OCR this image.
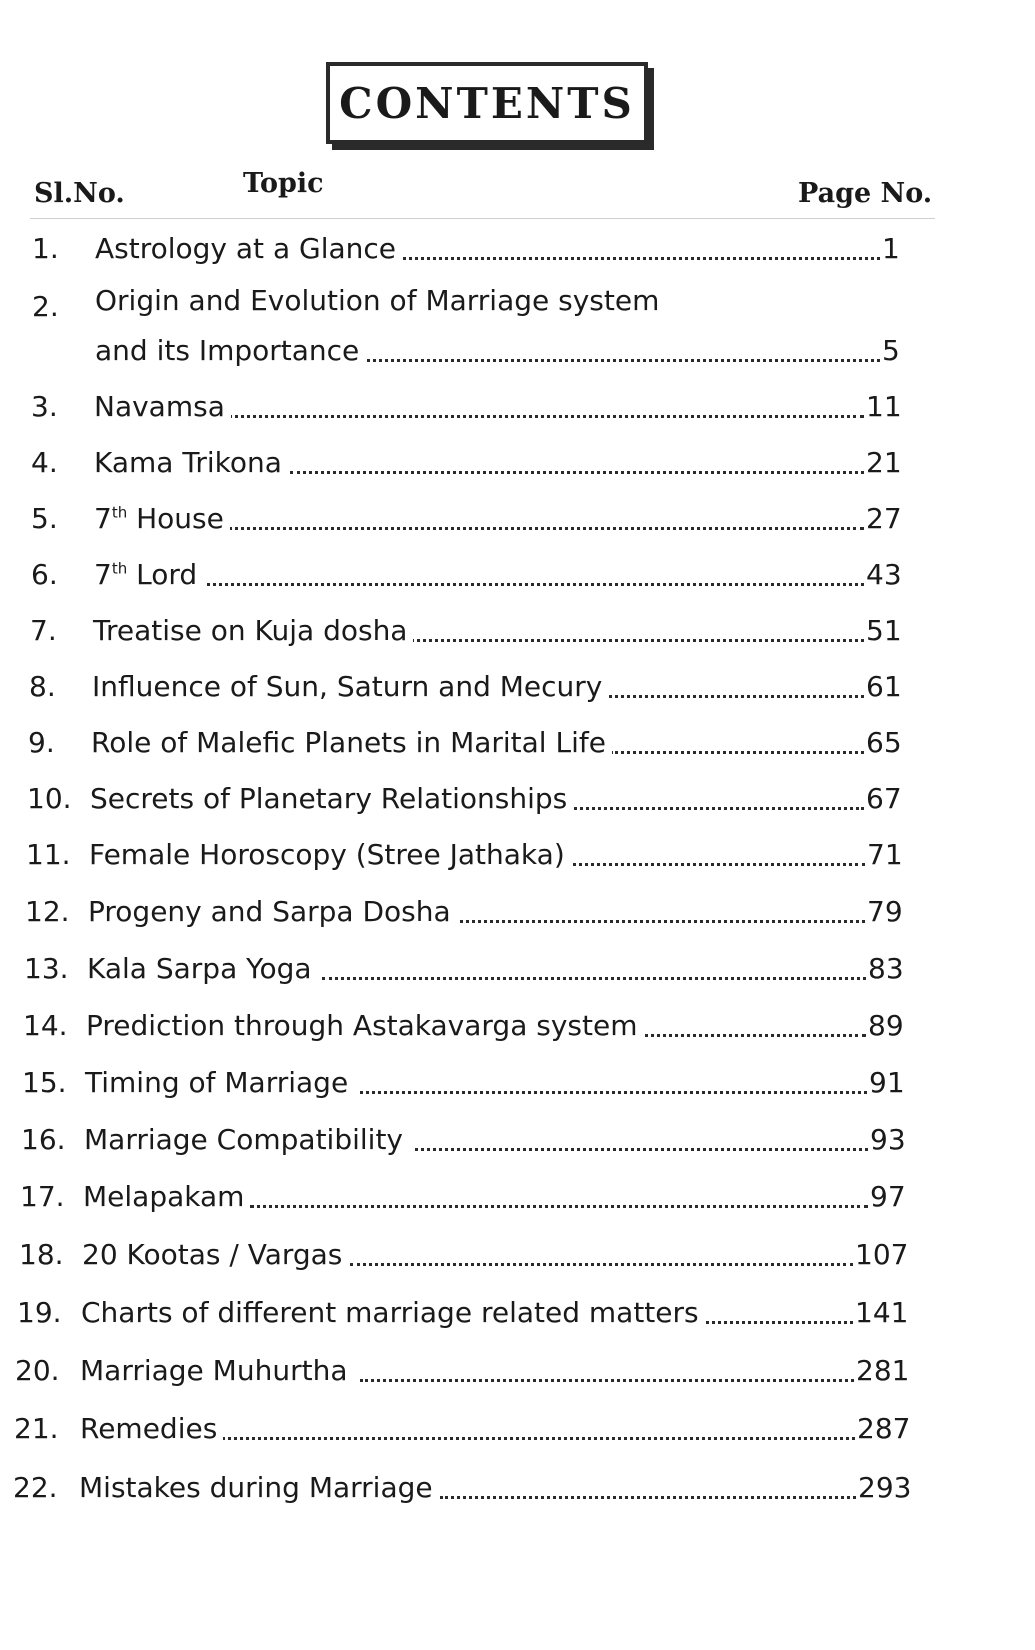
CONTENTS
Sl.No.	Topic	Page No.
1. Astrology at a Glance	1
2. Origin and Evolution of Marriage system
and its Importance	5
3. Navamsa	11
4. Kama Trikona	21
5. 7th House	27
6. 7th Lord	43
7. Treatise on Kuja dosha	51
8. Influence of Sun, Saturn and Mecury	61
9. Role of Malefic Planets in Marital Life	65
10. Secrets of Planetary Relationships	67
11. Female Horoscopy (Stree Jathaka)	71
12. Progeny and Sarpa Dosha	79
13. Kala Sarpa Yoga	83
14. Prediction through Astakavarga system	89
15. Timing of Marriage	91
16. Marriage Compatibility	93
17. Melapakam	97
18. 20 Kootas / Vargas	107
19. Charts of different marriage related matters	141
20. Marriage Muhurtha	281
21. Remedies	287
22. Mistakes during Marriage	293
